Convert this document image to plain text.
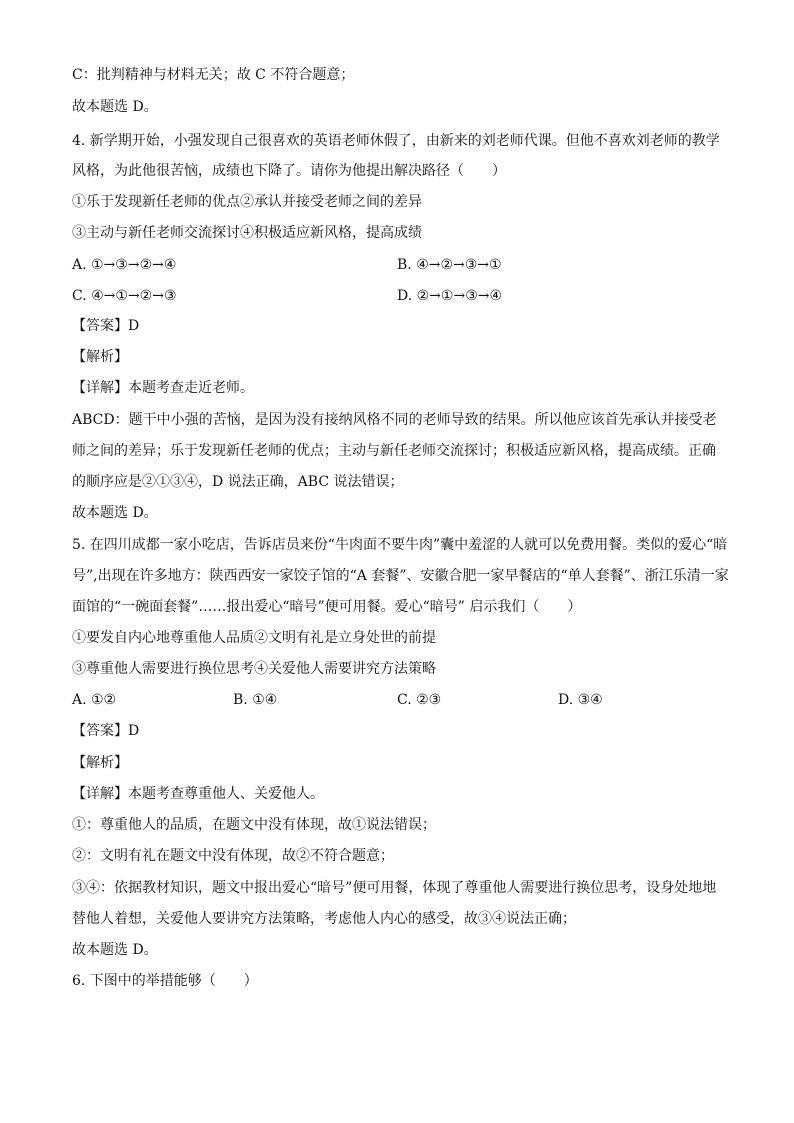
C：批判精神与材料无关；故 C 不符合题意；
故本题选 D。
4. 新学期开始，小强发现自己很喜欢的英语老师休假了，由新来的刘老师代课。但他不喜欢刘老师的教学
风格，为此他很苦恼，成绩也下降了。请你为他提出解决路径（　　）
①乐于发现新任老师的优点②承认并接受老师之间的差异
③主动与新任老师交流探讨④积极适应新风格，提高成绩
A. ①→③→②→④	B. ④→②→③→①
C. ④→①→②→③	D. ②→①→③→④
【答案】D
【解析】
【详解】本题考查走近老师。
ABCD：题干中小强的苦恼，是因为没有接纳风格不同的老师导致的结果。所以他应该首先承认并接受老
师之间的差异；乐于发现新任老师的优点；主动与新任老师交流探讨；积极适应新风格，提高成绩。正确
的顺序应是②①③④，D 说法正确，ABC 说法错误；
故本题选 D。
5. 在四川成都一家小吃店，告诉店员来份“牛肉面不要牛肉”囊中羞涩的人就可以免费用餐。类似的爱心“暗
号”,出现在许多地方：陕西西安一家饺子馆的“A 套餐”、安徽合肥一家早餐店的“单人套餐”、浙江乐清一家
面馆的“一碗面套餐”……报出爱心“暗号”便可用餐。爱心“暗号” 启示我们（　　）
①要发自内心地尊重他人品质②文明有礼是立身处世的前提
③尊重他人需要进行换位思考④关爱他人需要讲究方法策略
A. ①②	B. ①④	C. ②③	D. ③④
【答案】D
【解析】
【详解】本题考查尊重他人、关爱他人。
①：尊重他人的品质，在题文中没有体现，故①说法错误；
②：文明有礼在题文中没有体现，故②不符合题意；
③④：依据教材知识，题文中报出爱心“暗号”便可用餐，体现了尊重他人需要进行换位思考，设身处地地
替他人着想，关爱他人要讲究方法策略，考虑他人内心的感受，故③④说法正确；
故本题选 D。
6. 下图中的举措能够（　　）
